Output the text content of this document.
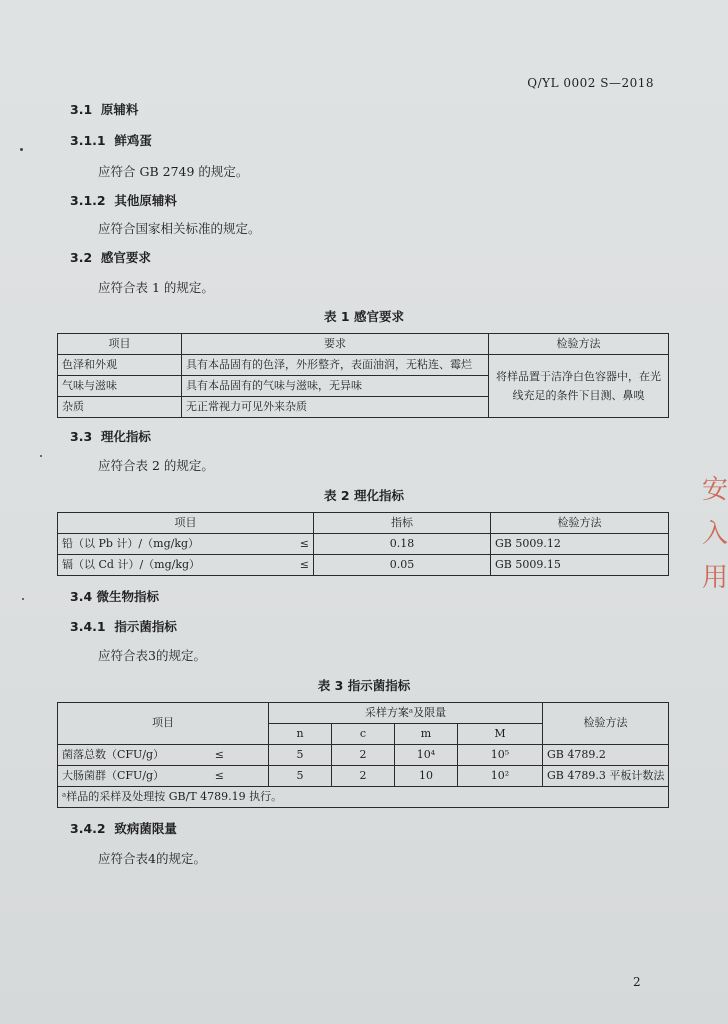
Q/YL 0002 S—2018
3.1 原辅料
3.1.1 鲜鸡蛋
应符合 GB 2749 的规定。
3.1.2 其他原辅料
应符合国家相关标准的规定。
3.2 感官要求
应符合表 1 的规定。
表 1 感官要求
项目	要求	检验方法
色泽和外观	具有本品固有的色泽，外形整齐，表面油润，无粘连、霉烂	将样品置于洁净白色容器中，在光线充足的条件下目测、鼻嗅
气味与滋味	具有本品固有的气味与滋味，无异味	
杂质	无正常视力可见外来杂质	
3.3 理化指标
应符合表 2 的规定。
表 2 理化指标
项目	指标	检验方法
铅（以 Pb 计）/（mg/kg） ≤	0.18	GB 5009.12
镉（以 Cd 计）/（mg/kg） ≤	0.05	GB 5009.15
3.4 微生物指标
3.4.1 指示菌指标
应符合表3的规定。
表 3 指示菌指标
项目	采样方案ᵃ及限量				检验方法
	n	c	m	M	
菌落总数（CFU/g） ≤	5	2	10⁴	10⁵	GB 4789.2
大肠菌群（CFU/g） ≤	5	2	10	10²	GB 4789.3 平板计数法
ᵃ样品的采样及处理按 GB/T 4789.19 执行。					
3.4.2 致病菌限量
应符合表4的规定。
2
安
入
用
